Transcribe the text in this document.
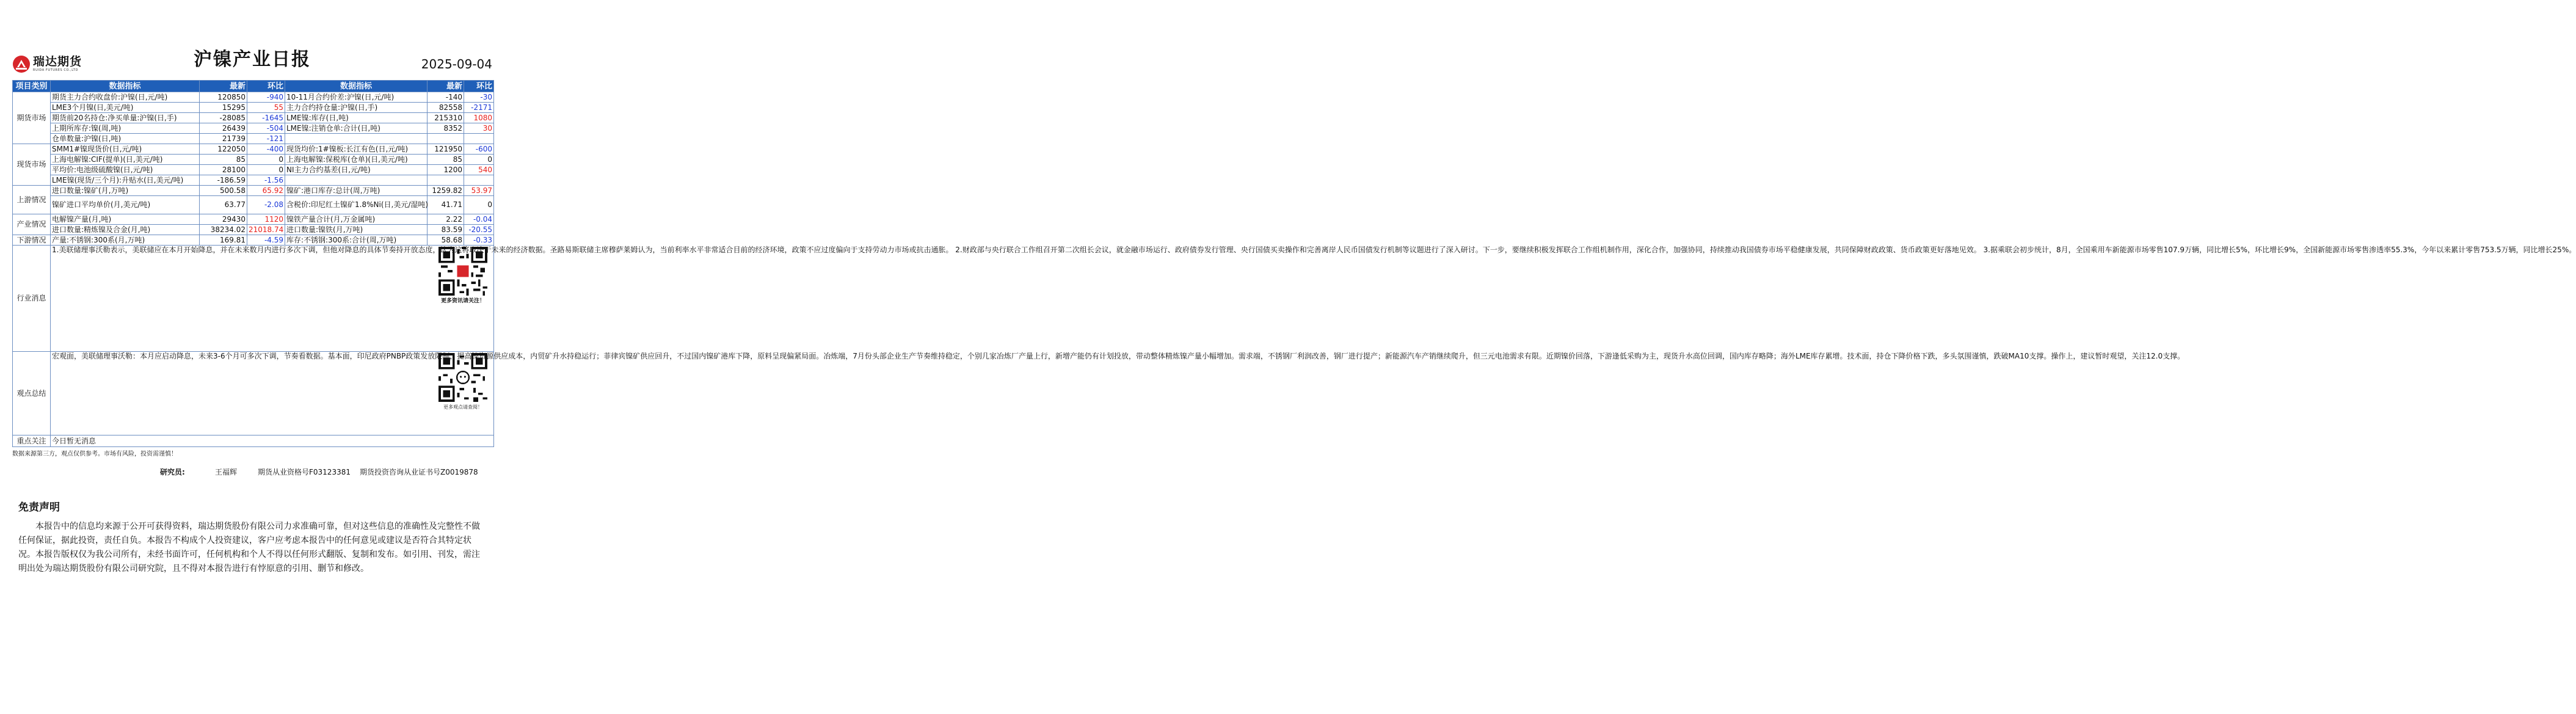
瑞达期货
RUIDA FUTURES CO.,LTD	沪镍产业日报	2025-09-04
项目类别	数据指标	最新	环比	数据指标	最新	环比
期货市场	期货主力合约收盘价:沪镍(日,元/吨)	120850	-940	10-11月合约价差:沪镍(日,元/吨)	-140	-30
	LME3个月镍(日,美元/吨)	15295	55	主力合约持仓量:沪镍(日,手)	82558	-2171
	期货前20名持仓:净买单量:沪镍(日,手)	-28085	-1645	LME镍:库存(日,吨)	215310	1080
	上期所库存:镍(周,吨)	26439	-504	LME镍:注销仓单:合计(日,吨)	8352	30
	仓单数量:沪镍(日,吨)	21739	-121			
现货市场	SMM1#镍现货价(日,元/吨)	122050	-400	现货均价:1#镍板:长江有色(日,元/吨)	121950	-600
	上海电解镍:CIF(提单)(日,美元/吨)	85	0	上海电解镍:保税库(仓单)(日,美元/吨)	85	0
	平均价:电池级硫酸镍(日,元/吨)	28100	0	NI主力合约基差(日,元/吨)	1200	540
	LME镍(现货/三个月):升贴水(日,美元/吨)	-186.59	-1.56			
上游情况	进口数量:镍矿(月,万吨)	500.58	65.92	镍矿:港口库存:总计(周,万吨)	1259.82	53.97
	镍矿进口平均单价(月,美元/吨)	63.77	-2.08	含税价:印尼红土镍矿1.8%Ni(日,美元/湿吨)	41.71	0
产业情况	电解镍产量(月,吨)	29430	1120	镍铁产量合计(月,万金属吨)	2.22	-0.04
	进口数量:精炼镍及合金(月,吨)	38234.02	21018.74	进口数量:镍铁(月,万吨)	83.59	-20.55
下游情况	产量:不锈钢:300系(月,万吨)	169.81	-4.59	库存:不锈钢:300系:合计(周,万吨)	58.68	-0.33
行业消息	更多资讯请关注！
1.美联储理事沃勒表示，美联储应在本月开始降息，并在未来数月内进行多次下调，但他对降息的具体节奏持开放态度，认为这将取决于未来的经济数据。圣路易斯联储主席穆萨莱姆认为，当前利率水平非常适合目前的经济环境，政策不应过度偏向于支持劳动力市场或抗击通胀。 2.财政部与央行联合工作组召开第二次组长会议，就金融市场运行、政府债券发行管理、央行国债买卖操作和完善离岸人民币国债发行机制等议题进行了深入研讨。下一步，要继续积极发挥联合工作组机制作用，深化合作，加强协同，持续推动我国债券市场平稳健康发展，共同保障财政政策、货币政策更好落地见效。 3.据乘联会初步统计，8月，全国乘用车新能源市场零售107.9万辆，同比增长5%，环比增长9%，全国新能源市场零售渗透率55.3%，今年以来累计零售753.5万辆，同比增长25%。					

观点总结	更多观点请查阅！
宏观面，美联储理事沃勒：本月应启动降息，未来3-6个月可多次下调，节奏看数据。基本面，印尼政府PNBP政策发放限制，提高镍资源供应成本，内贸矿升水持稳运行；菲律宾镍矿供应回升，不过国内镍矿港库下降，原料呈现偏紧局面。冶炼端，7月份头部企业生产节奏维持稳定，个别几家冶炼厂产量上行，新增产能仍有计划投放，带动整体精炼镍产量小幅增加。需求端，不锈钢厂利润改善，钢厂进行提产；新能源汽车产销继续爬升，但三元电池需求有限。近期镍价回落，下游逢低采购为主，现货升水高位回调，国内库存略降；海外LME库存累增。技术面，持仓下降价格下跌，多头氛围谨慎，跌破MA10支撑。操作上，建议暂时观望，关注12.0支撑。					

重点关注	今日暂无消息					
数据来源第三方，观点仅供参考。市场有风险，投资需谨慎！
研究员:	王福辉	期货从业资格号F03123381 期货投资咨询从业证书号Z0019878
免责声明
本报告中的信息均来源于公开可获得资料，瑞达期货股份有限公司力求准确可靠，但对这些信息的准确性及完整性不做任何保证，据此投资，责任自负。本报告不构成个人投资建议，客户应考虑本报告中的任何意见或建议是否符合其特定状况。本报告版权仅为我公司所有，未经书面许可，任何机构和个人不得以任何形式翻版、复制和发布。如引用、刊发，需注明出处为瑞达期货股份有限公司研究院，且不得对本报告进行有悖原意的引用、删节和修改。
